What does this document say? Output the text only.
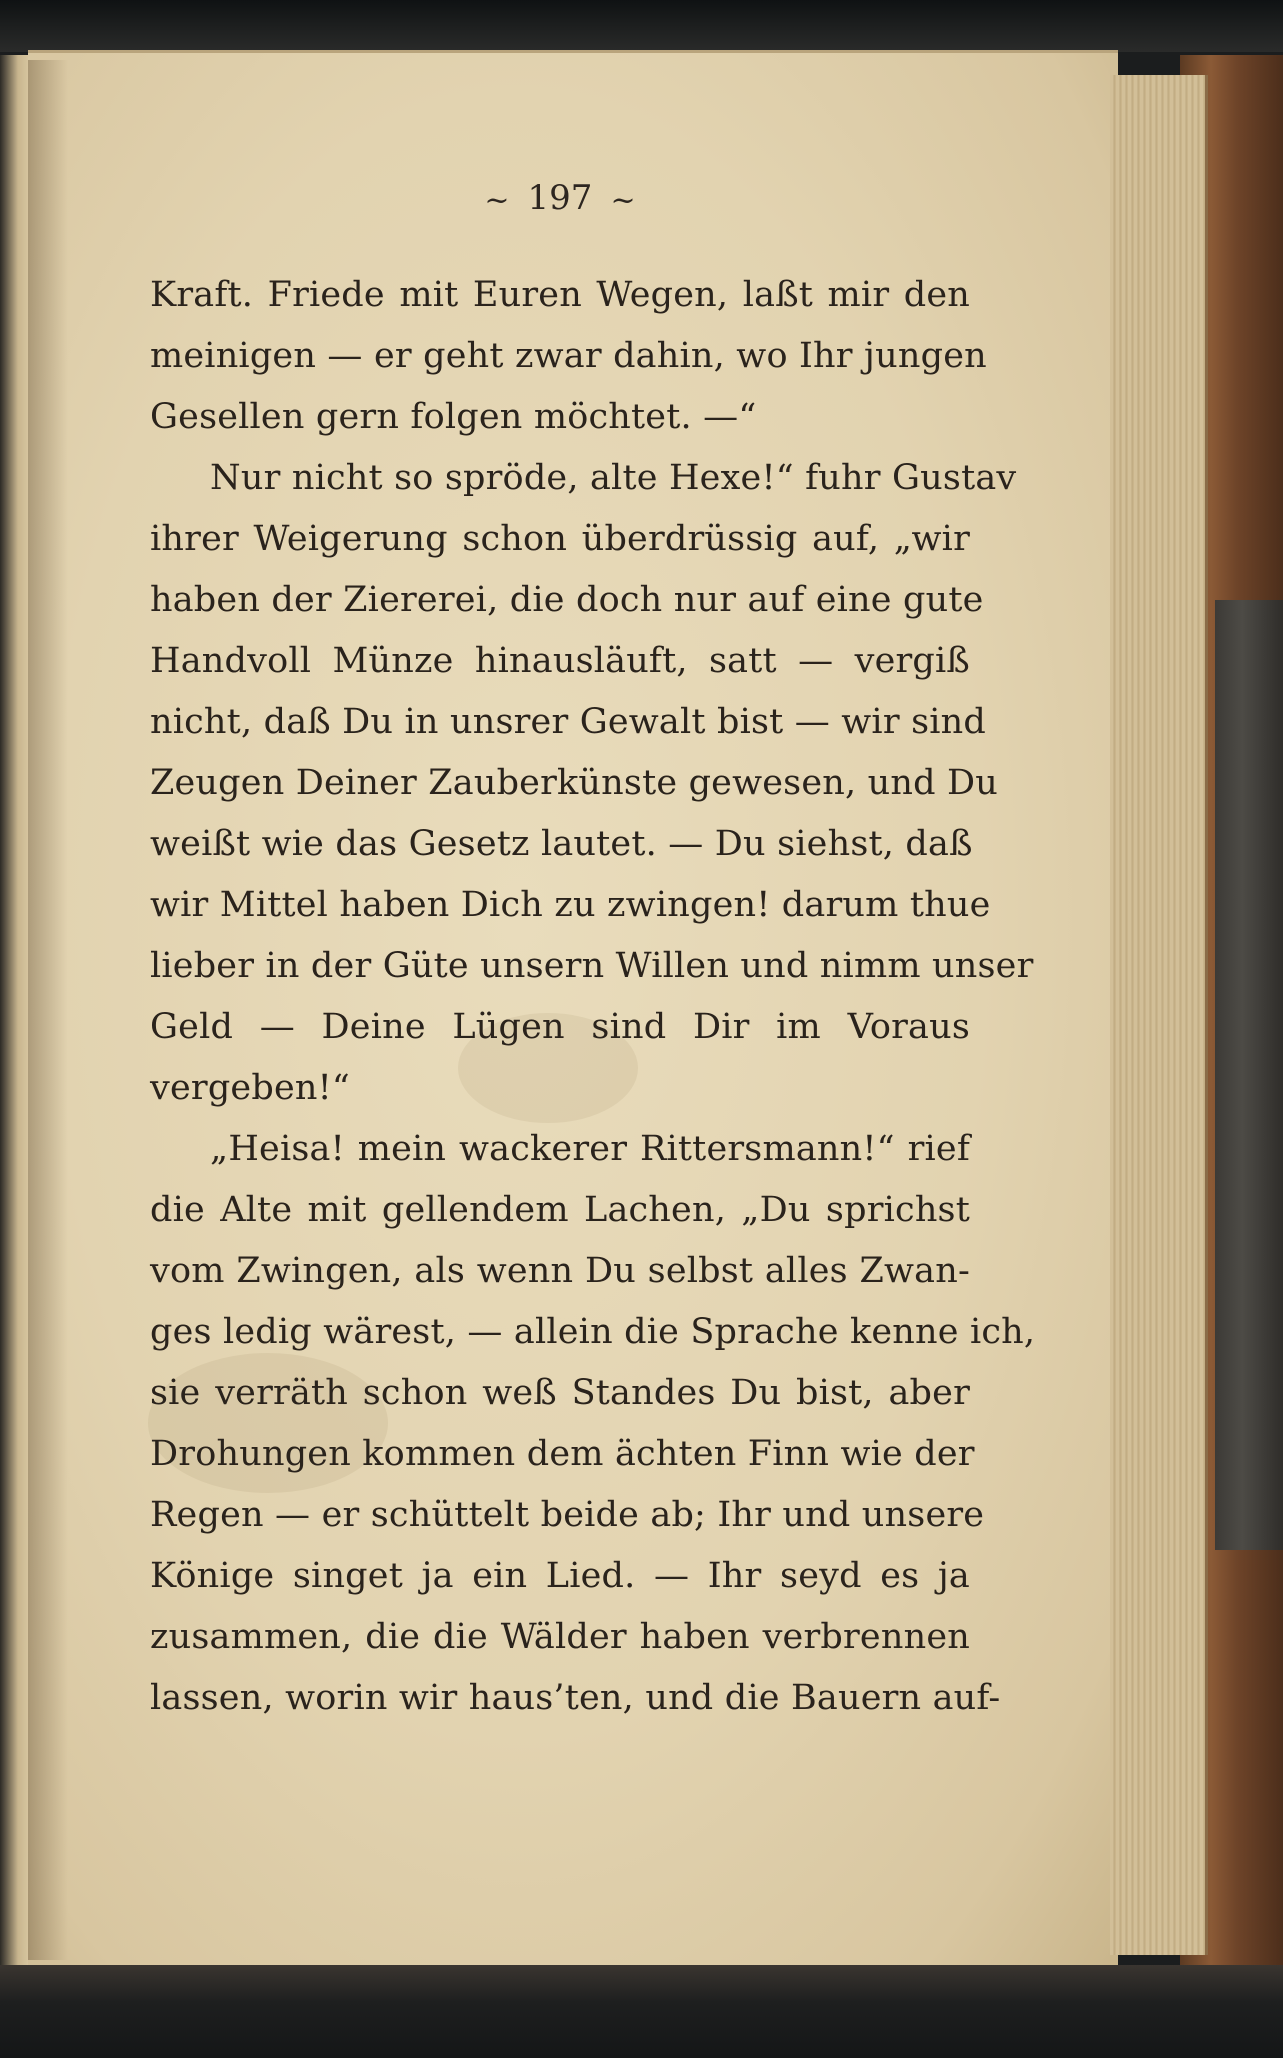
~ 197 ~
Kraft. Friede mit Euren Wegen, laßt mir den
meinigen — er geht zwar dahin, wo Ihr jungen
Gesellen gern folgen möchtet. —“
Nur nicht so spröde, alte Hexe!“ fuhr Gustav
ihrer Weigerung schon überdrüssig auf, „wir
haben der Ziererei, die doch nur auf eine gute
Handvoll Münze hinausläuft, satt — vergiß
nicht, daß Du in unsrer Gewalt bist — wir sind
Zeugen Deiner Zauberkünste gewesen, und Du
weißt wie das Gesetz lautet. — Du siehst, daß
wir Mittel haben Dich zu zwingen! darum thue
lieber in der Güte unsern Willen und nimm unser
Geld — Deine Lügen sind Dir im Voraus
vergeben!“
„Heisa! mein wackerer Rittersmann!“ rief
die Alte mit gellendem Lachen, „Du sprichst
vom Zwingen, als wenn Du selbst alles Zwan-
ges ledig wärest, — allein die Sprache kenne ich,
sie verräth schon weß Standes Du bist, aber
Drohungen kommen dem ächten Finn wie der
Regen — er schüttelt beide ab; Ihr und unsere
Könige singet ja ein Lied. — Ihr seyd es ja
zusammen, die die Wälder haben verbrennen
lassen, worin wir haus’ten, und die Bauern auf-
